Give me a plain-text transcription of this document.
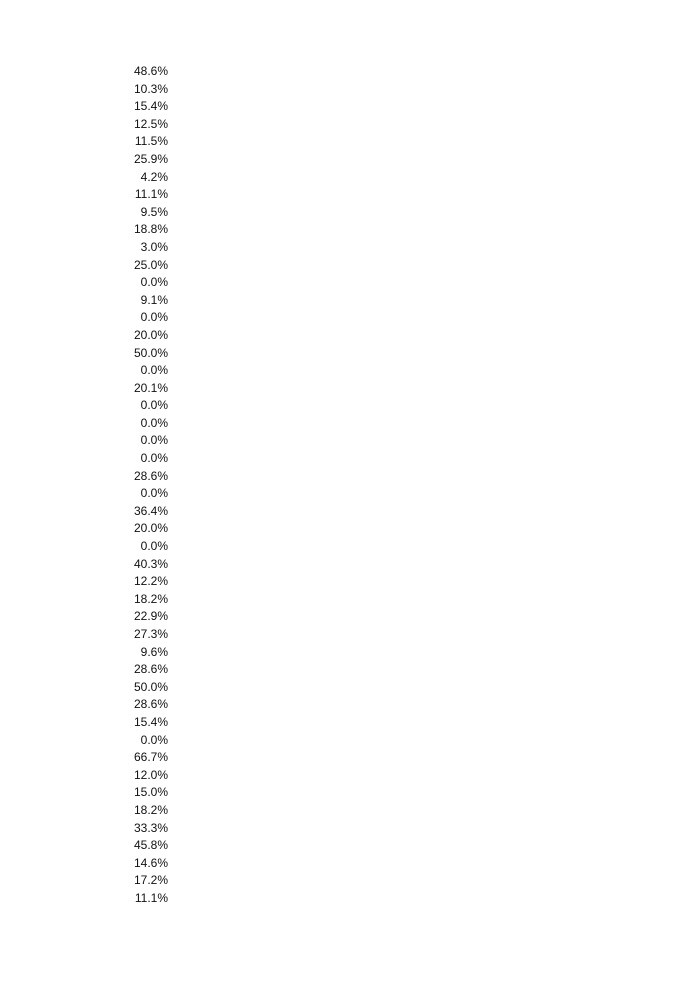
48.6%
10.3%
15.4%
12.5%
11.5%
25.9%
4.2%
11.1%
9.5%
18.8%
3.0%
25.0%
0.0%
9.1%
0.0%
20.0%
50.0%
0.0%
20.1%
0.0%
0.0%
0.0%
0.0%
28.6%
0.0%
36.4%
20.0%
0.0%
40.3%
12.2%
18.2%
22.9%
27.3%
9.6%
28.6%
50.0%
28.6%
15.4%
0.0%
66.7%
12.0%
15.0%
18.2%
33.3%
45.8%
14.6%
17.2%
11.1%
